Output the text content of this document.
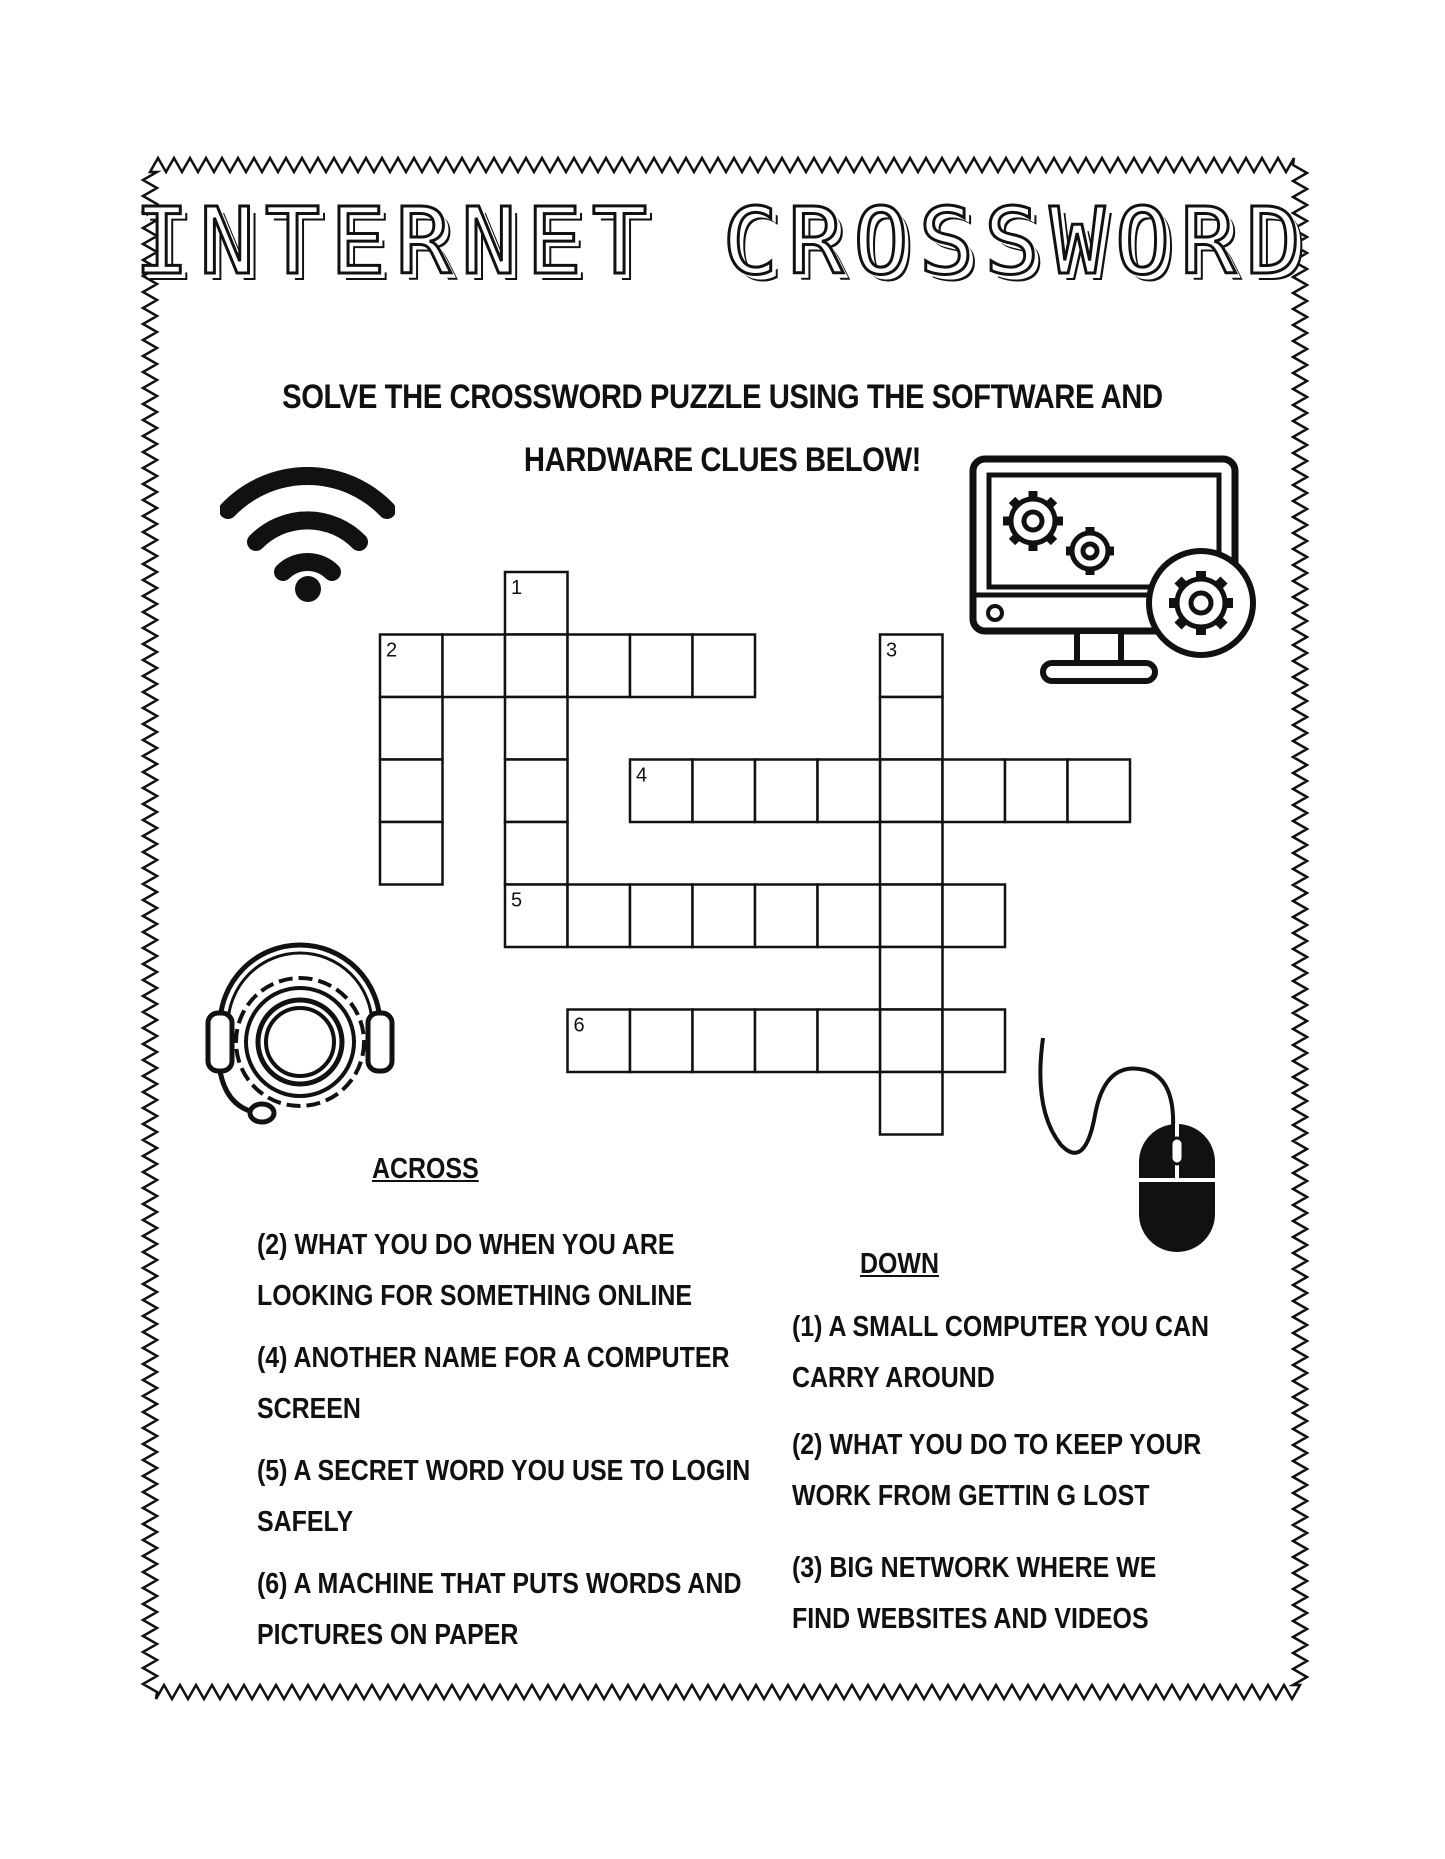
INTERNET CROSSWORD

SOLVE THE CROSSWORD PUZZLE USING THE SOFTWARE AND

HARDWARE CLUES BELOW!

1
2	3
4
5
6

ACROSS

(2) WHAT YOU DO WHEN YOU ARE

LOOKING FOR SOMETHING ONLINE

(4) ANOTHER NAME FOR A COMPUTER

SCREEN

(5) A SECRET WORD YOU USE TO LOGIN

SAFELY

(6) A MACHINE THAT PUTS WORDS AND

PICTURES ON PAPER

DOWN

(1) A SMALL COMPUTER YOU CAN

CARRY AROUND

(2) WHAT YOU DO TO KEEP YOUR

WORK FROM GETTIN G LOST

(3) BIG NETWORK WHERE WE

FIND WEBSITES AND VIDEOS
